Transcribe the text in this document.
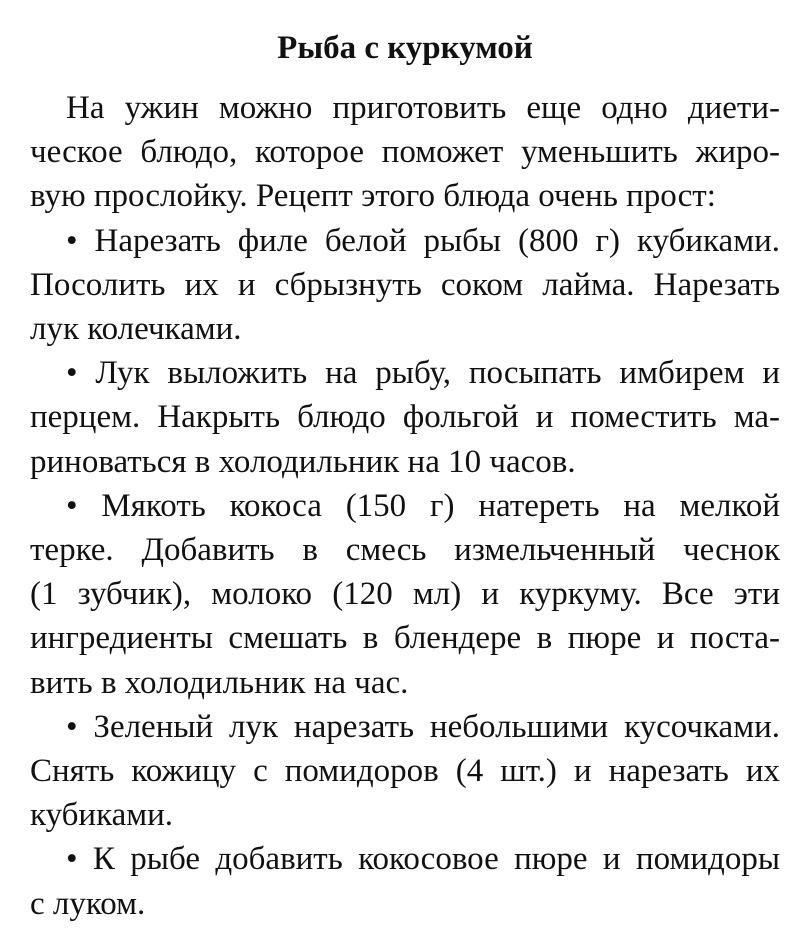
Рыба с куркумой
На ужин можно приготовить еще одно диети-
ческое блюдо, которое поможет уменьшить жиро-
вую прослойку. Рецепт этого блюда очень прост:
• Нарезать филе белой рыбы (800 г) кубиками.
Посолить их и сбрызнуть соком лайма. Нарезать
лук колечками.
• Лук выложить на рыбу, посыпать имбирем и
перцем. Накрыть блюдо фольгой и поместить ма-
риноваться в холодильник на 10 часов.
• Мякоть кокоса (150 г) натереть на мелкой
терке. Добавить в смесь измельченный чеснок
(1 зубчик), молоко (120 мл) и куркуму. Все эти
ингредиенты смешать в блендере в пюре и поста-
вить в холодильник на час.
• Зеленый лук нарезать небольшими кусочками.
Снять кожицу с помидоров (4 шт.) и нарезать их
кубиками.
• К рыбе добавить кокосовое пюре и помидоры
с луком.
